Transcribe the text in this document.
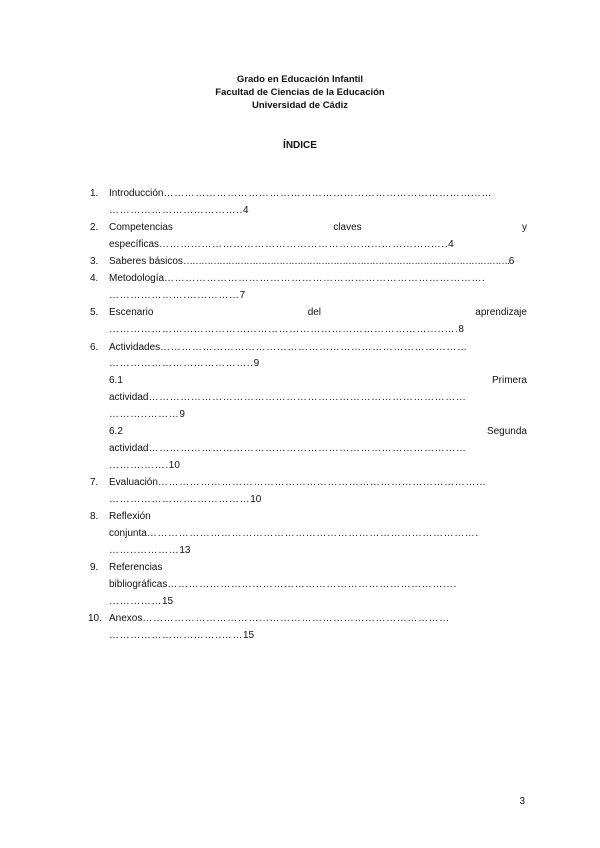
Grado en Educación Infantil
Facultad de Ciencias de la Educación
Universidad de Cádiz
ÍNDICE
1. Introducción…………………………………………………………………………………
………………………………..4
2. Competencias	claves	y
específicas…………………………………………………………………..…..4
3. Saberes básicos……………………………………………………………………………………………….6
4. Metodología……………………………………………………………………………….
………………….……………7
5. Escenario	del	aprendizaje
…………………………………………………………………………………..….8
6. Actividades……………………………………………………………………………
…………………………………..9
6.1	Primera
actividad………………………………………………………………………………
………..………9
6.2	Segunda
actividad………………………………………………………………………………
……….…….10
7. Evaluación…………………………………………………………………………………
…………………….……………10
8. Reflexión
conjunta………………………………………………………………………………….
……..…………13
9. Referencias
bibliográficas……………………………………………………………………….
……………15
10. Anexos……………………………………………………………………………
…………………………..……15
3
